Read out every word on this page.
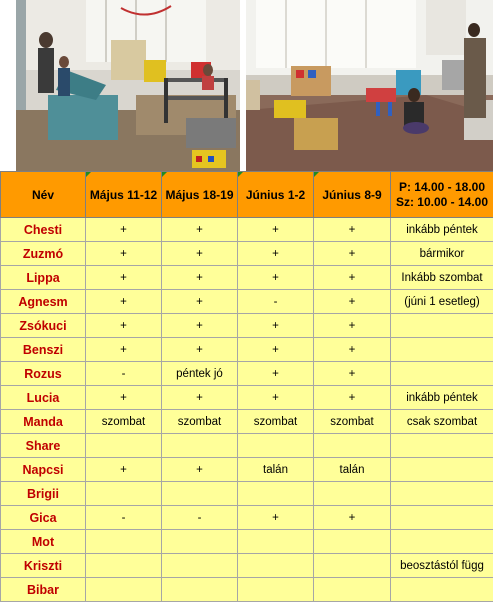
Név	Május 11-12	Május 18-19	Június 1-2	Június 8-9	P: 14.00 - 18.00
Sz: 10.00 - 14.00

Chesti	+	+	+	+	inkább péntek
Zuzmó	+	+	+	+	bármikor
Lippa	+	+	+	+	Inkább szombat
Agnesm	+	+	-	+	(júni 1 esetleg)
Zsókuci	+	+	+	+	
Benszi	+	+	+	+	
Rozus	-	péntek jó	+	+	
Lucia	+	+	+	+	inkább péntek
Manda	szombat	szombat	szombat	szombat	csak szombat
Share					
Napcsi	+	+	talán	talán	
Brigii					
Gica	-	-	+	+	
Mot					
Kriszti					beosztástól függ
Bibar					
